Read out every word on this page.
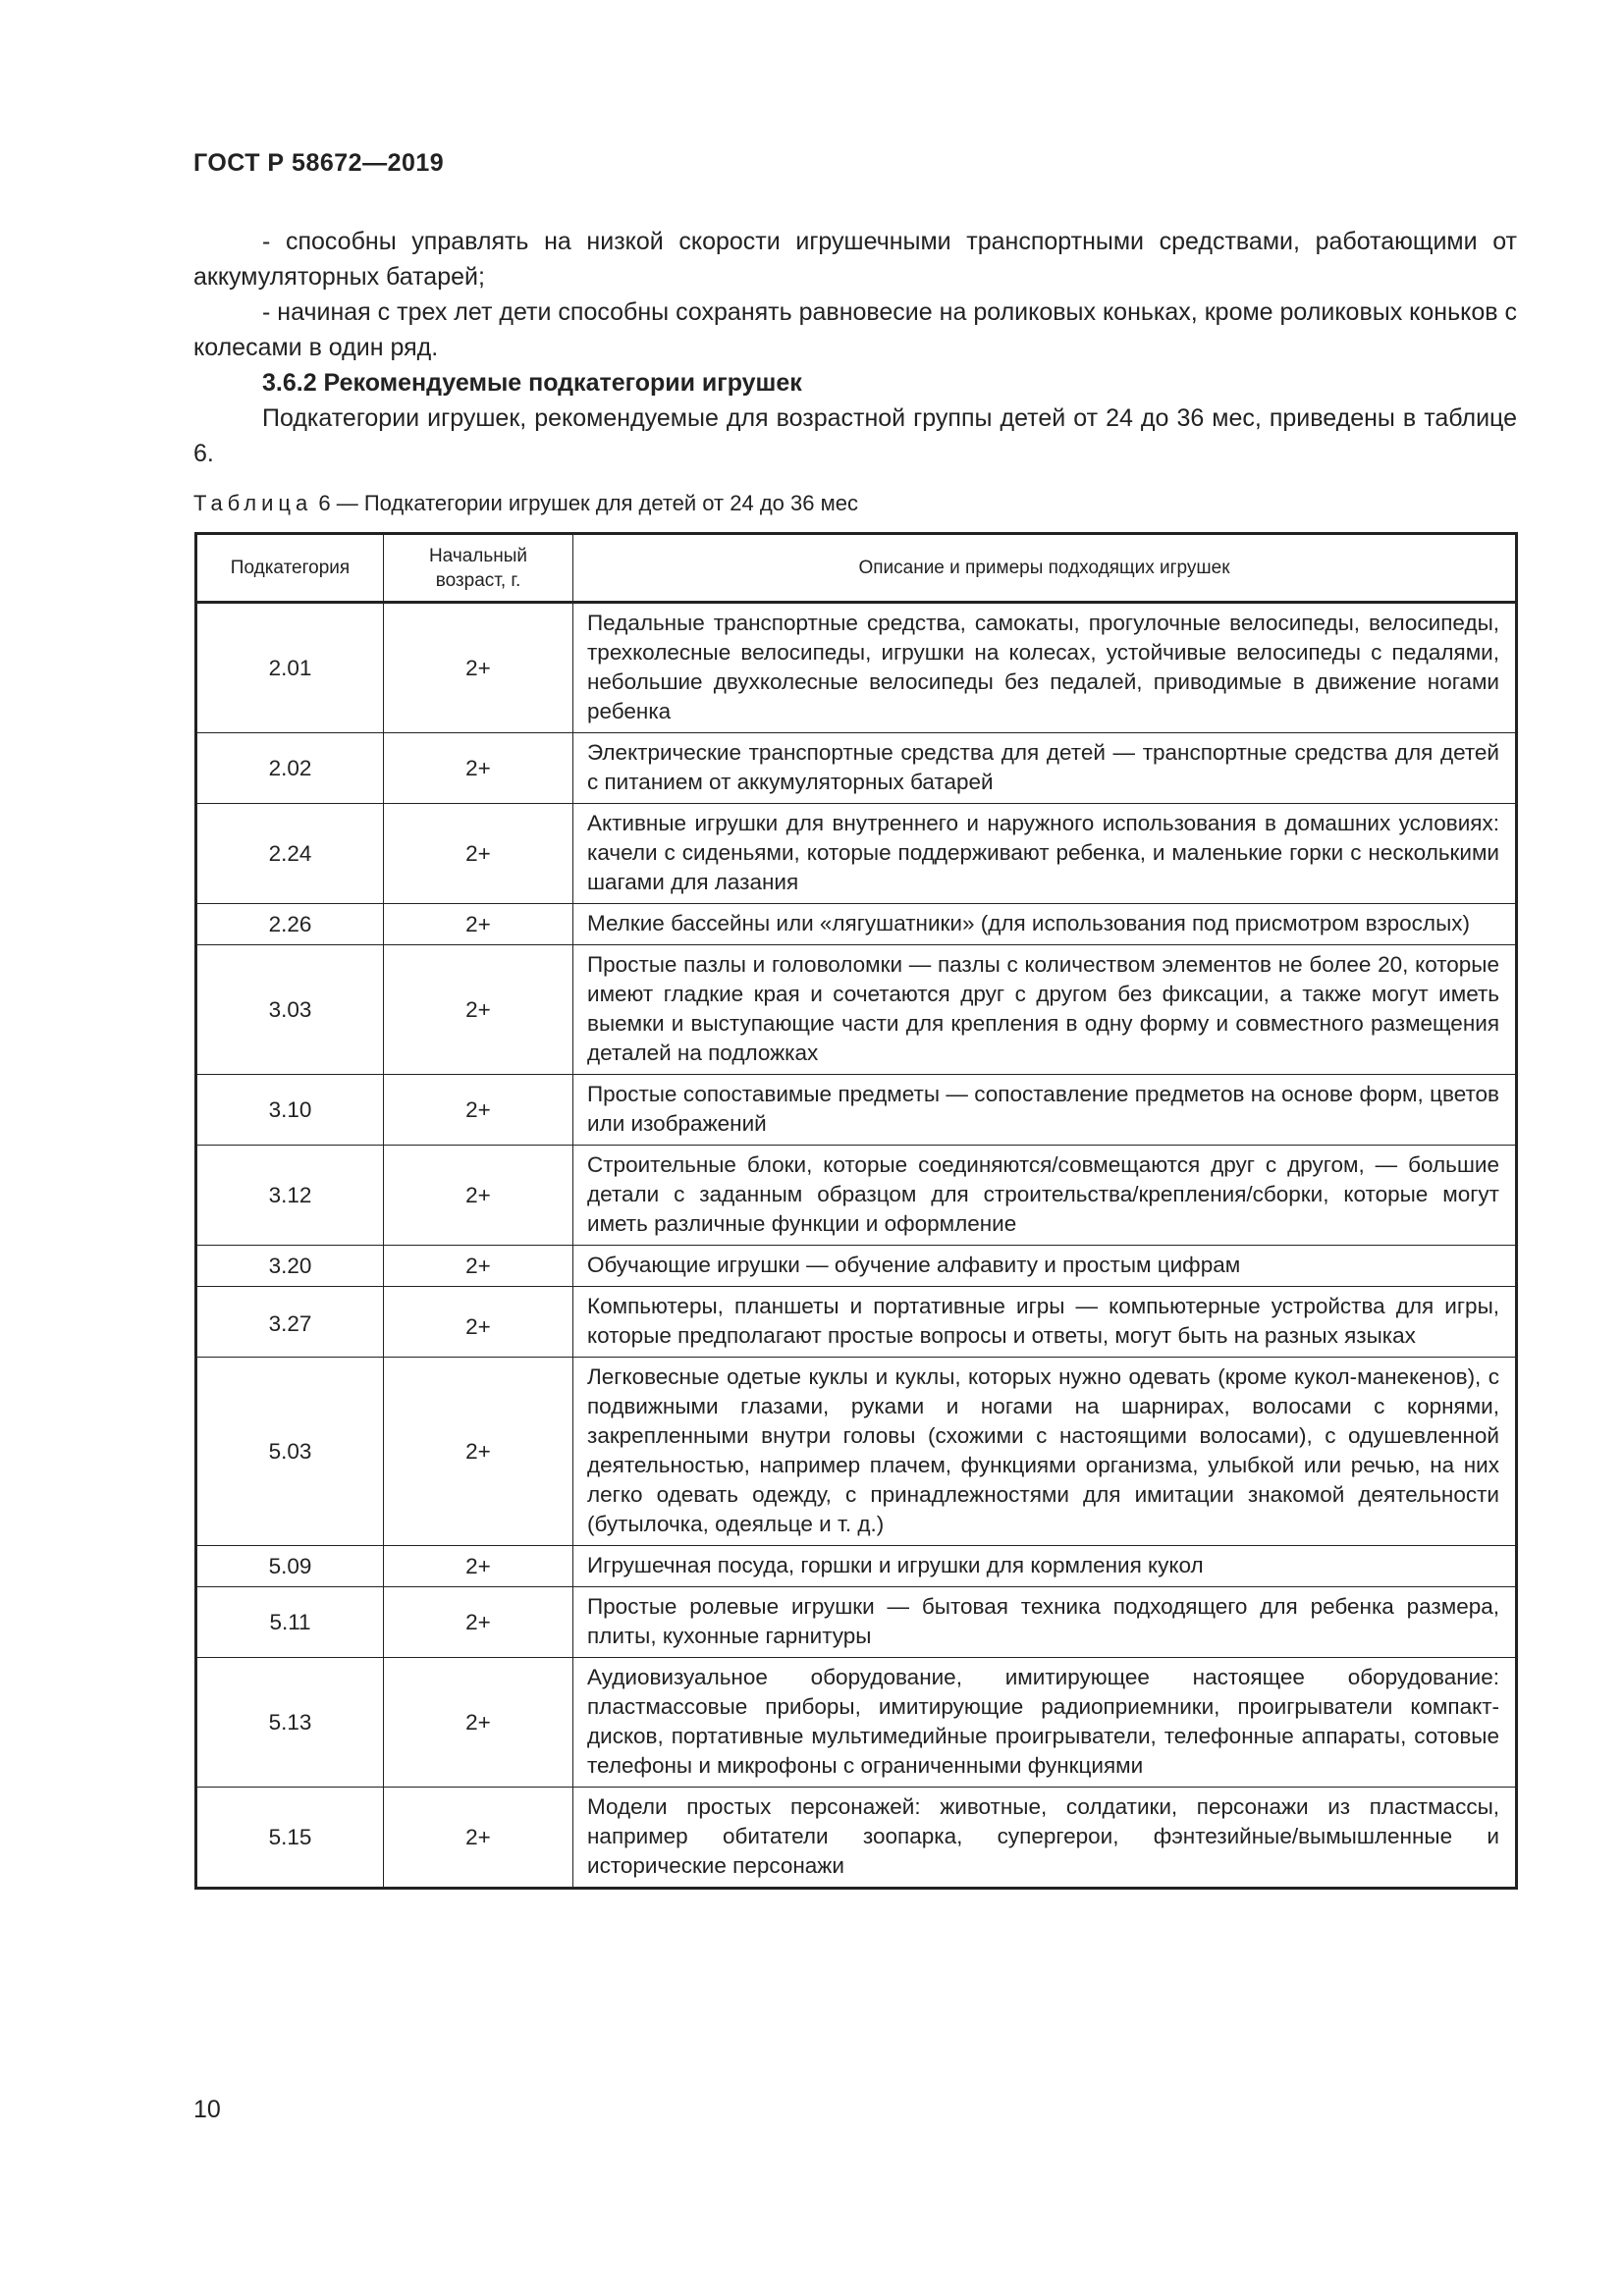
ГОСТ Р 58672—2019

- способны управлять на низкой скорости игрушечными транспортными средствами, работающими от аккумуляторных батарей;

- начиная с трех лет дети способны сохранять равновесие на роликовых коньках, кроме роликовых коньков с колесами в один ряд.

3.6.2 Рекомендуемые подкатегории игрушек

Подкатегории игрушек, рекомендуемые для возрастной группы детей от 24 до 36 мес, приведены в таблице 6.

Таблица 6 — Подкатегории игрушек для детей от 24 до 36 мес
Подкатегория	Начальный возраст, г.	Описание и примеры подходящих игрушек
2.01	2+	Педальные транспортные средства, самокаты, прогулочные велосипеды, велосипеды, трехколесные велосипеды, игрушки на колесах, устойчивые велосипеды с педалями, небольшие двухколесные велосипеды без педалей, приводимые в движение ногами ребенка
2.02	2+	Электрические транспортные средства для детей — транспортные средства для детей с питанием от аккумуляторных батарей
2.24	2+	Активные игрушки для внутреннего и наружного использования в домашних условиях: качели с сиденьями, которые поддерживают ребенка, и маленькие горки с несколькими шагами для лазания
2.26	2+	Мелкие бассейны или «лягушатники» (для использования под присмотром взрослых)
3.03	2+	Простые пазлы и головоломки — пазлы с количеством элементов не более 20, которые имеют гладкие края и сочетаются друг с другом без фиксации, а также могут иметь выемки и выступающие части для крепления в одну форму и совместного размещения деталей на подложках
3.10	2+	Простые сопоставимые предметы — сопоставление предметов на основе форм, цветов или изображений
3.12	2+	Строительные блоки, которые соединяются/совмещаются друг с другом, — большие детали с заданным образцом для строительства/крепления/сборки, которые могут иметь различные функции и оформление
3.20	2+	Обучающие игрушки — обучение алфавиту и простым цифрам
3.27	2+	Компьютеры, планшеты и портативные игры — компьютерные устройства для игры, которые предполагают простые вопросы и ответы, могут быть на разных языках
5.03	2+	Легковесные одетые куклы и куклы, которых нужно одевать (кроме кукол-манекенов), с подвижными глазами, руками и ногами на шарнирах, волосами с корнями, закрепленными внутри головы (схожими с настоящими волосами), с одушевленной деятельностью, например плачем, функциями организма, улыбкой или речью, на них легко одевать одежду, с принадлежностями для имитации знакомой деятельности (бутылочка, одеяльце и т. д.)
5.09	2+	Игрушечная посуда, горшки и игрушки для кормления кукол
5.11	2+	Простые ролевые игрушки — бытовая техника подходящего для ребенка размера, плиты, кухонные гарнитуры
5.13	2+	Аудиовизуальное оборудование, имитирующее настоящее оборудование: пластмассовые приборы, имитирующие радиоприемники, проигрыватели компакт-дисков, портативные мультимедийные проигрыватели, телефонные аппараты, сотовые телефоны и микрофоны с ограниченными функциями
5.15	2+	Модели простых персонажей: животные, солдатики, персонажи из пластмассы, например обитатели зоопарка, супергерои, фэнтезийные/вымышленные и исторические персонажи
10
